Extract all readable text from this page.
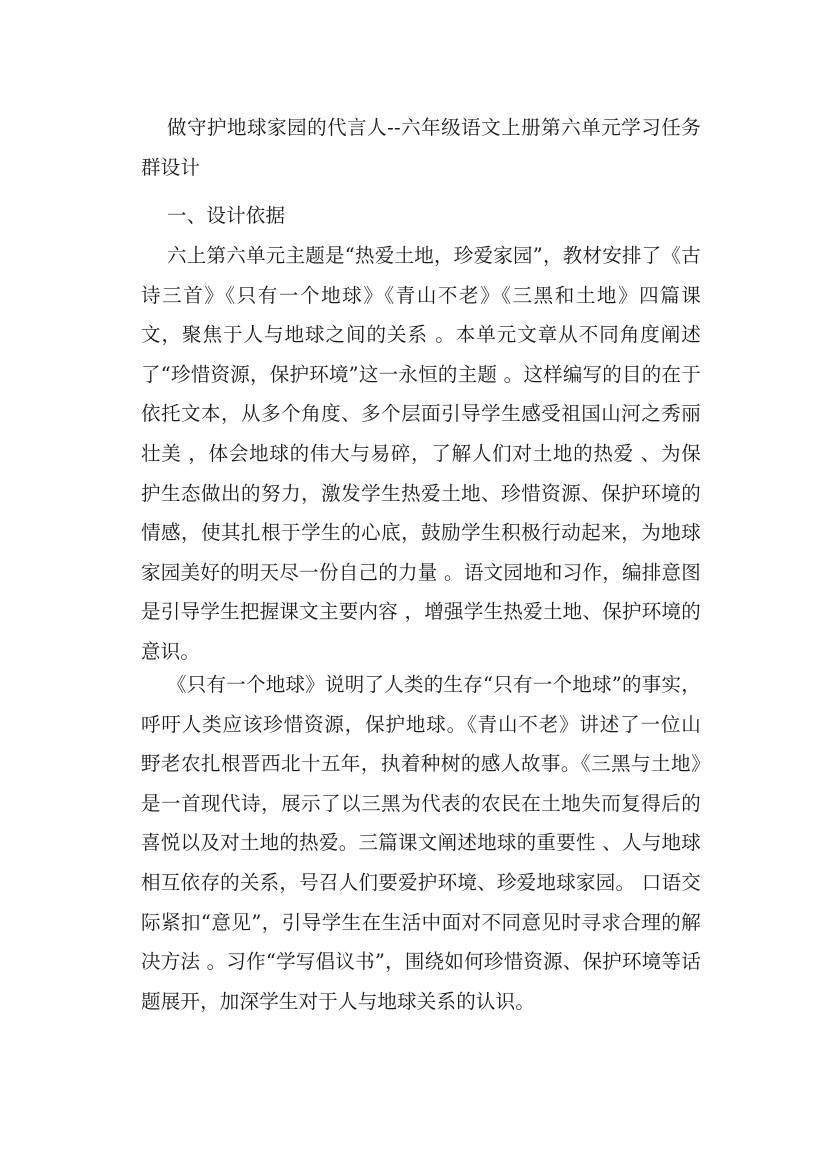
做守护地球家园的代言人--六年级语文上册第六单元学习任务群设计

一、设计依据

六上第六单元主题是“热爱土地，珍爱家园”，教材安排了《古诗三首》《只有一个地球》《青山不老》《三黑和土地》四篇课文，聚焦于人与地球之间的关系 。本单元文章从不同角度阐述了“珍惜资源，保护环境”这一永恒的主题 。这样编写的目的在于依托文本，从多个角度、多个层面引导学生感受祖国山河之秀丽壮美 ，体会地球的伟大与易碎，了解人们对土地的热爱 、为保护生态做出的努力，激发学生热爱土地、珍惜资源、保护环境的情感，使其扎根于学生的心底，鼓励学生积极行动起来，为地球家园美好的明天尽一份自己的力量 。语文园地和习作，编排意图是引导学生把握课文主要内容 ，增强学生热爱土地、保护环境的意识。

《只有一个地球》说明了人类的生存“只有一个地球”的事实，呼吁人类应该珍惜资源，保护地球。《青山不老》讲述了一位山野老农扎根晋西北十五年，执着种树的感人故事。《三黑与土地》是一首现代诗，展示了以三黑为代表的农民在土地失而复得后的喜悦以及对土地的热爱。三篇课文阐述地球的重要性 、人与地球相互依存的关系，号召人们要爱护环境、珍爱地球家园。 口语交际紧扣“意见”，引导学生在生活中面对不同意见时寻求合理的解决方法 。习作“学写倡议书”，围绕如何珍惜资源、保护环境等话题展开，加深学生对于人与地球关系的认识。
